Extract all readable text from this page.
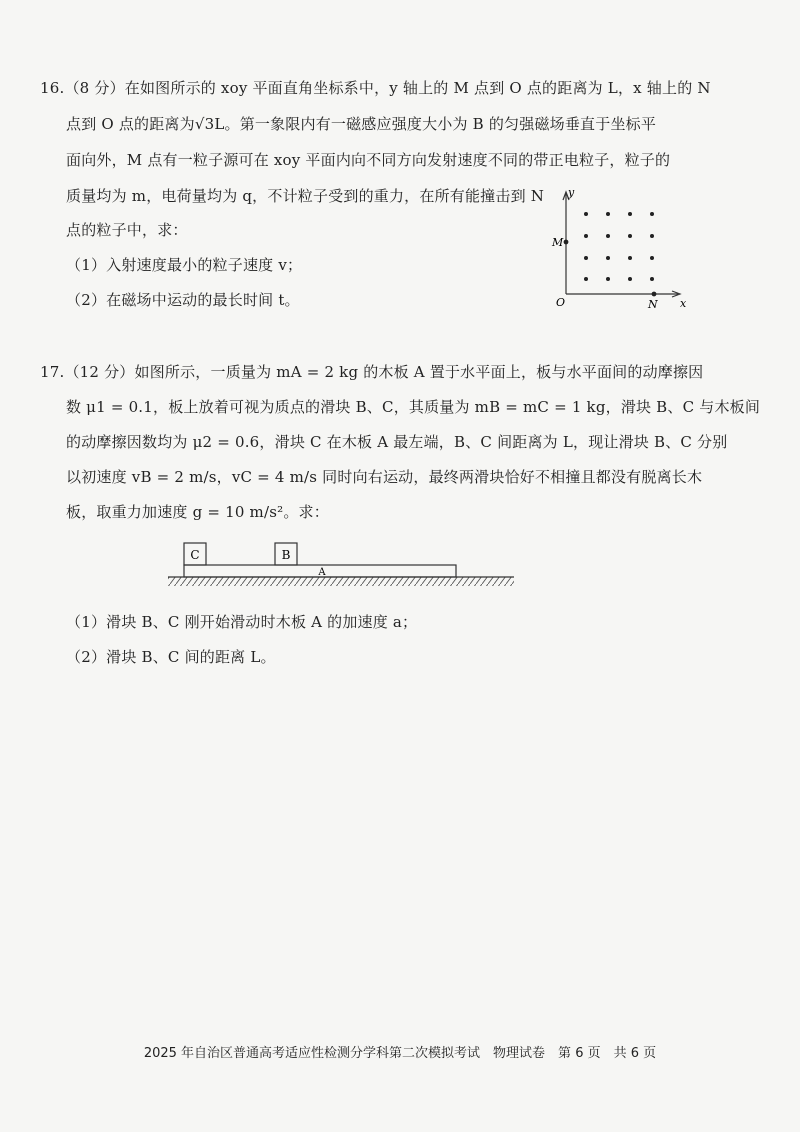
16.（8 分）在如图所示的 xoy 平面直角坐标系中，y 轴上的 M 点到 O 点的距离为 L，x 轴上的 N
点到 O 点的距离为√3L。第一象限内有一磁感应强度大小为 B 的匀强磁场垂直于坐标平
面向外，M 点有一粒子源可在 xoy 平面内向不同方向发射速度不同的带正电粒子，粒子的
质量均为 m，电荷量均为 q，不计粒子受到的重力，在所有能撞击到 N
点的粒子中，求：
（1）入射速度最小的粒子速度 v；
（2）在磁场中运动的最长时间 t。
y
x
O
M
N
17.（12 分）如图所示，一质量为 mA = 2 kg 的木板 A 置于水平面上，板与水平面间的动摩擦因
数 μ1 = 0.1，板上放着可视为质点的滑块 B、C，其质量为 mB = mC = 1 kg，滑块 B、C 与木板间
的动摩擦因数均为 μ2 = 0.6，滑块 C 在木板 A 最左端，B、C 间距离为 L，现让滑块 B、C 分别
以初速度 vB = 2 m/s，vC = 4 m/s 同时向右运动，最终两滑块恰好不相撞且都没有脱离长木
板，取重力加速度 g = 10 m/s²。求：
C	B
A
（1）滑块 B、C 刚开始滑动时木板 A 的加速度 a；
（2）滑块 B、C 间的距离 L。
2025 年自治区普通高考适应性检测分学科第二次模拟考试　物理试卷　第 6 页　共 6 页
